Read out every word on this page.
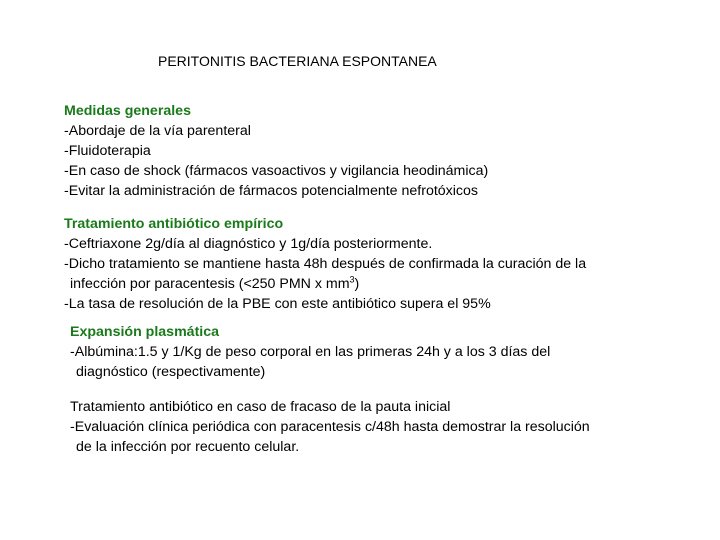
PERITONITIS BACTERIANA ESPONTANEA
Medidas generales
-Abordaje de la vía parenteral
-Fluidoterapia
-En caso de shock (fármacos vasoactivos y vigilancia heodinámica)
-Evitar la administración de fármacos potencialmente nefrotóxicos
Tratamiento antibiótico empírico
-Ceftriaxone 2g/día al diagnóstico y 1g/día posteriormente.
-Dicho tratamiento se mantiene hasta 48h después de confirmada la curación de la
infección por paracentesis (<250 PMN x $mm^3$)
-La tasa de resolución de la PBE con este antibiótico supera el 95%
Expansión plasmática
-Albúmina:1.5 y 1/Kg de peso corporal en las primeras 24h y a los 3 días del
diagnóstico (respectivamente)
Tratamiento antibiótico en caso de fracaso de la pauta inicial
-Evaluación clínica periódica con paracentesis c/48h hasta demostrar la resolución
de la infección por recuento celular.
